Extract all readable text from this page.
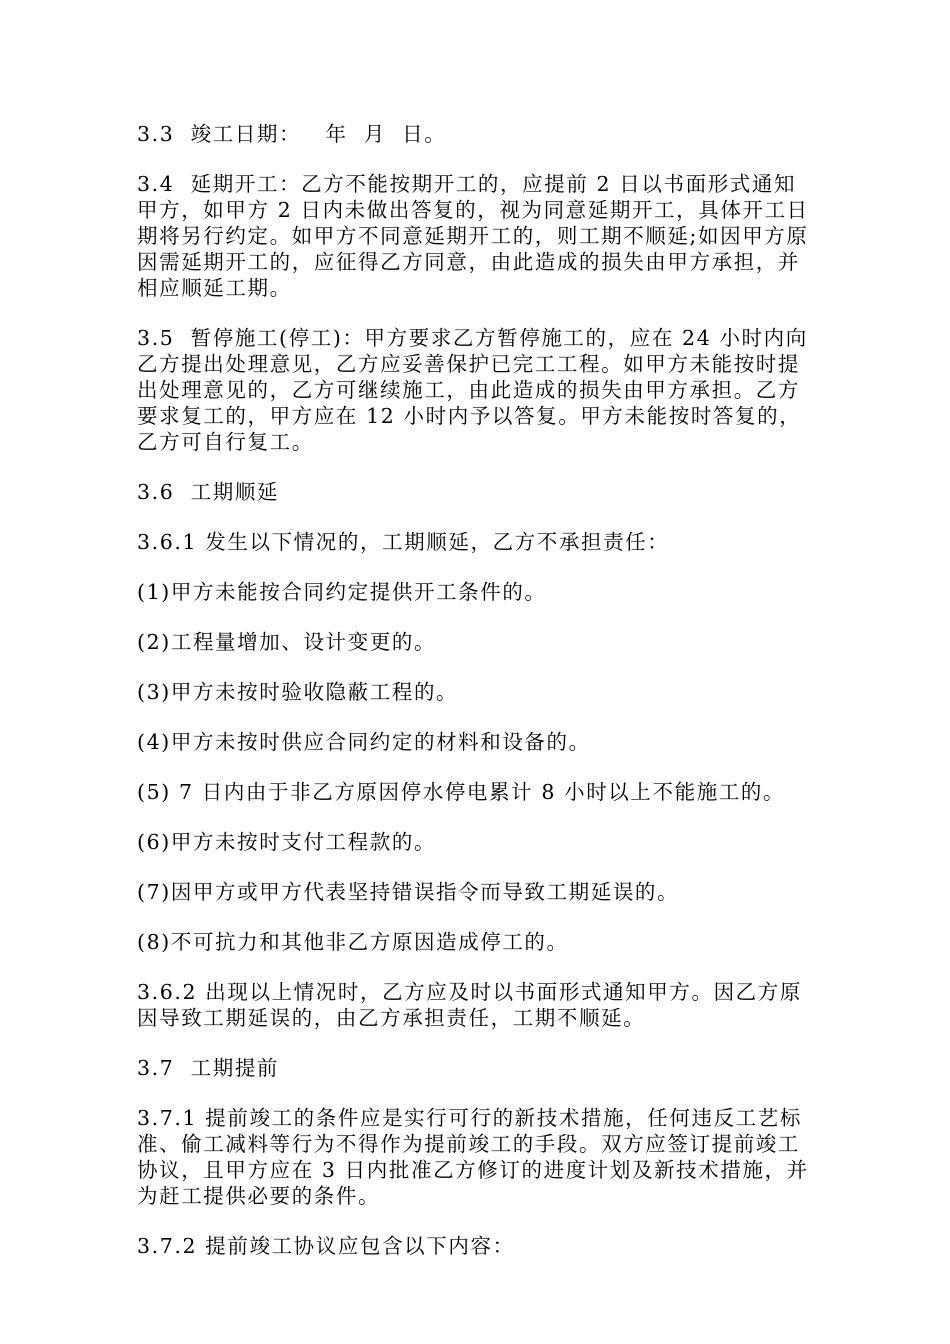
3.3  竣工日期：   年  月  日。

3.4  延期开工：乙方不能按期开工的，应提前 2 日以书面形式通知甲方，如甲方 2 日内未做出答复的，视为同意延期开工，具体开工日期将另行约定。如甲方不同意延期开工的，则工期不顺延;如因甲方原因需延期开工的，应征得乙方同意，由此造成的损失由甲方承担，并相应顺延工期。

3.5  暂停施工(停工)：甲方要求乙方暂停施工的，应在 24 小时内向乙方提出处理意见，乙方应妥善保护已完工工程。如甲方未能按时提出处理意见的，乙方可继续施工，由此造成的损失由甲方承担。乙方要求复工的，甲方应在 12 小时内予以答复。甲方未能按时答复的，乙方可自行复工。

3.6  工期顺延

3.6.1 发生以下情况的，工期顺延，乙方不承担责任：

(1)甲方未能按合同约定提供开工条件的。

(2)工程量增加、设计变更的。

(3)甲方未按时验收隐蔽工程的。

(4)甲方未按时供应合同约定的材料和设备的。

(5) 7 日内由于非乙方原因停水停电累计 8 小时以上不能施工的。

(6)甲方未按时支付工程款的。

(7)因甲方或甲方代表坚持错误指令而导致工期延误的。

(8)不可抗力和其他非乙方原因造成停工的。

3.6.2 出现以上情况时，乙方应及时以书面形式通知甲方。因乙方原因导致工期延误的，由乙方承担责任，工期不顺延。

3.7  工期提前

3.7.1 提前竣工的条件应是实行可行的新技术措施，任何违反工艺标准、偷工减料等行为不得作为提前竣工的手段。双方应签订提前竣工协议，且甲方应在 3 日内批准乙方修订的进度计划及新技术措施，并为赶工提供必要的条件。

3.7.2 提前竣工协议应包含以下内容：
